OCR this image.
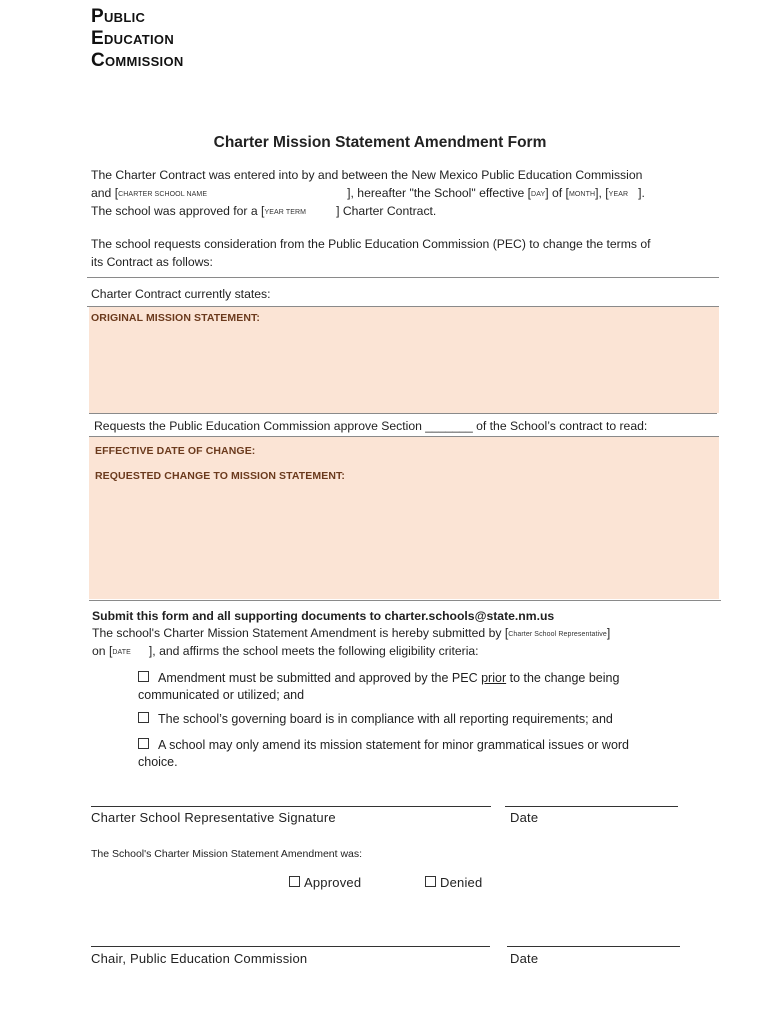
Public
Education
Commission
Charter Mission Statement Amendment Form
The Charter Contract was entered into by and between the New Mexico Public Education Commission
and [CHARTER SCHOOL NAME	], hereafter "the School" effective [DAY] of [MONTH], [YEAR ].
The school was approved for a [YEAR TERM ] Charter Contract.
The school requests consideration from the Public Education Commission (PEC) to change the terms of
its Contract as follows:
Charter Contract currently states:
ORIGINAL MISSION STATEMENT:
Requests the Public Education Commission approve Section _______ of the School’s contract to read:
EFFECTIVE DATE OF CHANGE:
REQUESTED CHANGE TO MISSION STATEMENT:
Submit this form and all supporting documents to charter.schools@state.nm.us
The school's Charter Mission Statement Amendment is hereby submitted by [Charter School Representative]
on [DATE ], and affirms the school meets the following eligibility criteria:
Amendment must be submitted and approved by the PEC prior to the change being
communicated or utilized; and
The school’s governing board is in compliance with all reporting requirements; and
A school may only amend its mission statement for minor grammatical issues or word
choice.
Charter School Representative Signature	Date
The School's Charter Mission Statement Amendment was:
Approved	Denied
Chair, Public Education Commission	Date
